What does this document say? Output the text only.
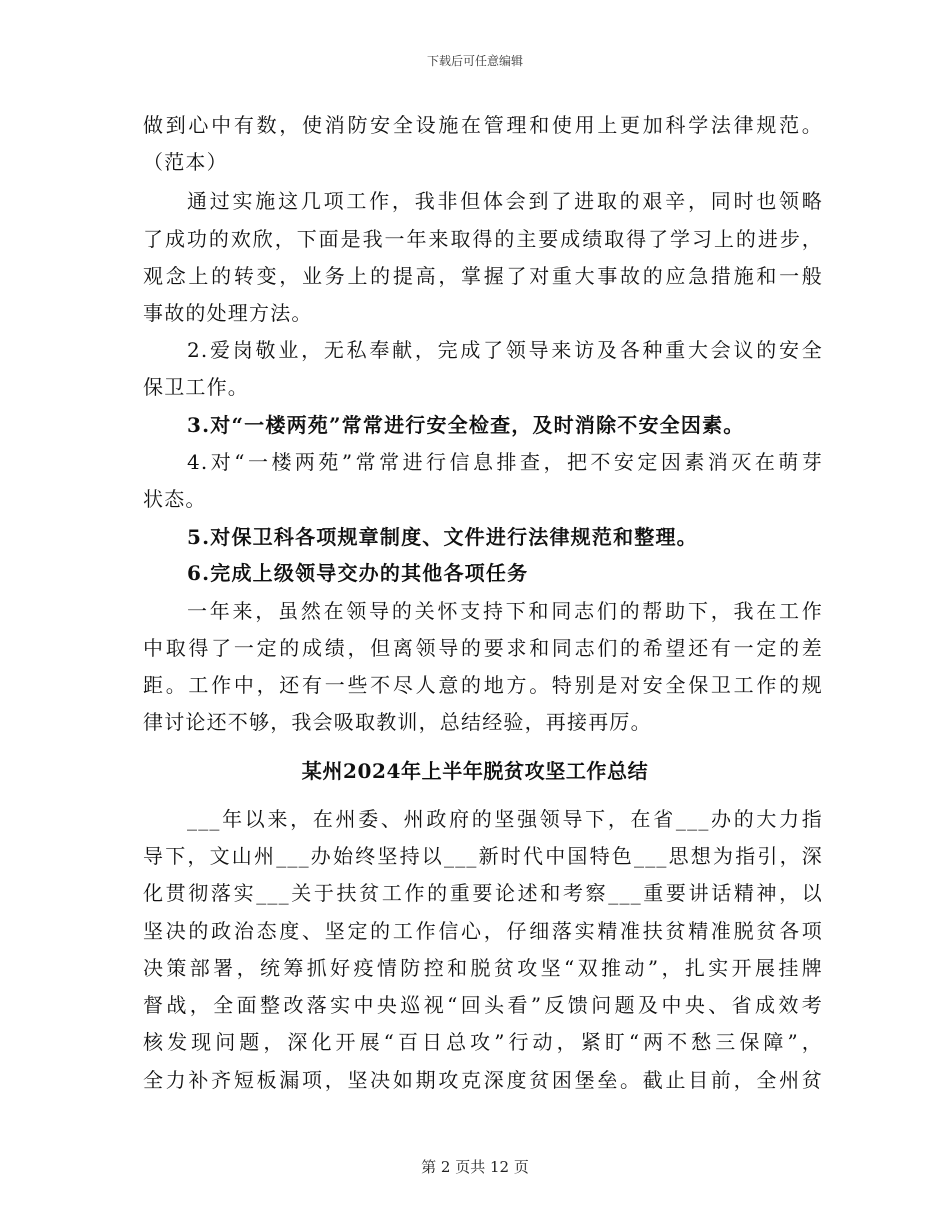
下载后可任意编辑
做到心中有数，使消防安全设施在管理和使用上更加科学法律规范。
（范本）
通过实施这几项工作，我非但体会到了进取的艰辛，同时也领略
了成功的欢欣，下面是我一年来取得的主要成绩取得了学习上的进步，
观念上的转变，业务上的提高，掌握了对重大事故的应急措施和一般
事故的处理方法。
2.爱岗敬业，无私奉献，完成了领导来访及各种重大会议的安全
保卫工作。
3.对“一楼两苑”常常进行安全检查，及时消除不安全因素。
4.对“一楼两苑”常常进行信息排查，把不安定因素消灭在萌芽
状态。
5.对保卫科各项规章制度、文件进行法律规范和整理。
6.完成上级领导交办的其他各项任务
一年来，虽然在领导的关怀支持下和同志们的帮助下，我在工作
中取得了一定的成绩，但离领导的要求和同志们的希望还有一定的差
距。工作中，还有一些不尽人意的地方。特别是对安全保卫工作的规
律讨论还不够，我会吸取教训，总结经验，再接再厉。
某州2024年上半年脱贫攻坚工作总结
___年以来，在州委、州政府的坚强领导下，在省___办的大力指
导下，文山州___办始终坚持以___新时代中国特色___思想为指引，深
化贯彻落实___关于扶贫工作的重要论述和考察___重要讲话精神，以
坚决的政治态度、坚定的工作信心，仔细落实精准扶贫精准脱贫各项
决策部署，统筹抓好疫情防控和脱贫攻坚“双推动”，扎实开展挂牌
督战，全面整改落实中央巡视“回头看”反馈问题及中央、省成效考
核发现问题，深化开展“百日总攻”行动，紧盯“两不愁三保障”，
全力补齐短板漏项，坚决如期攻克深度贫困堡垒。截止目前，全州贫
第 2 页共 12 页
